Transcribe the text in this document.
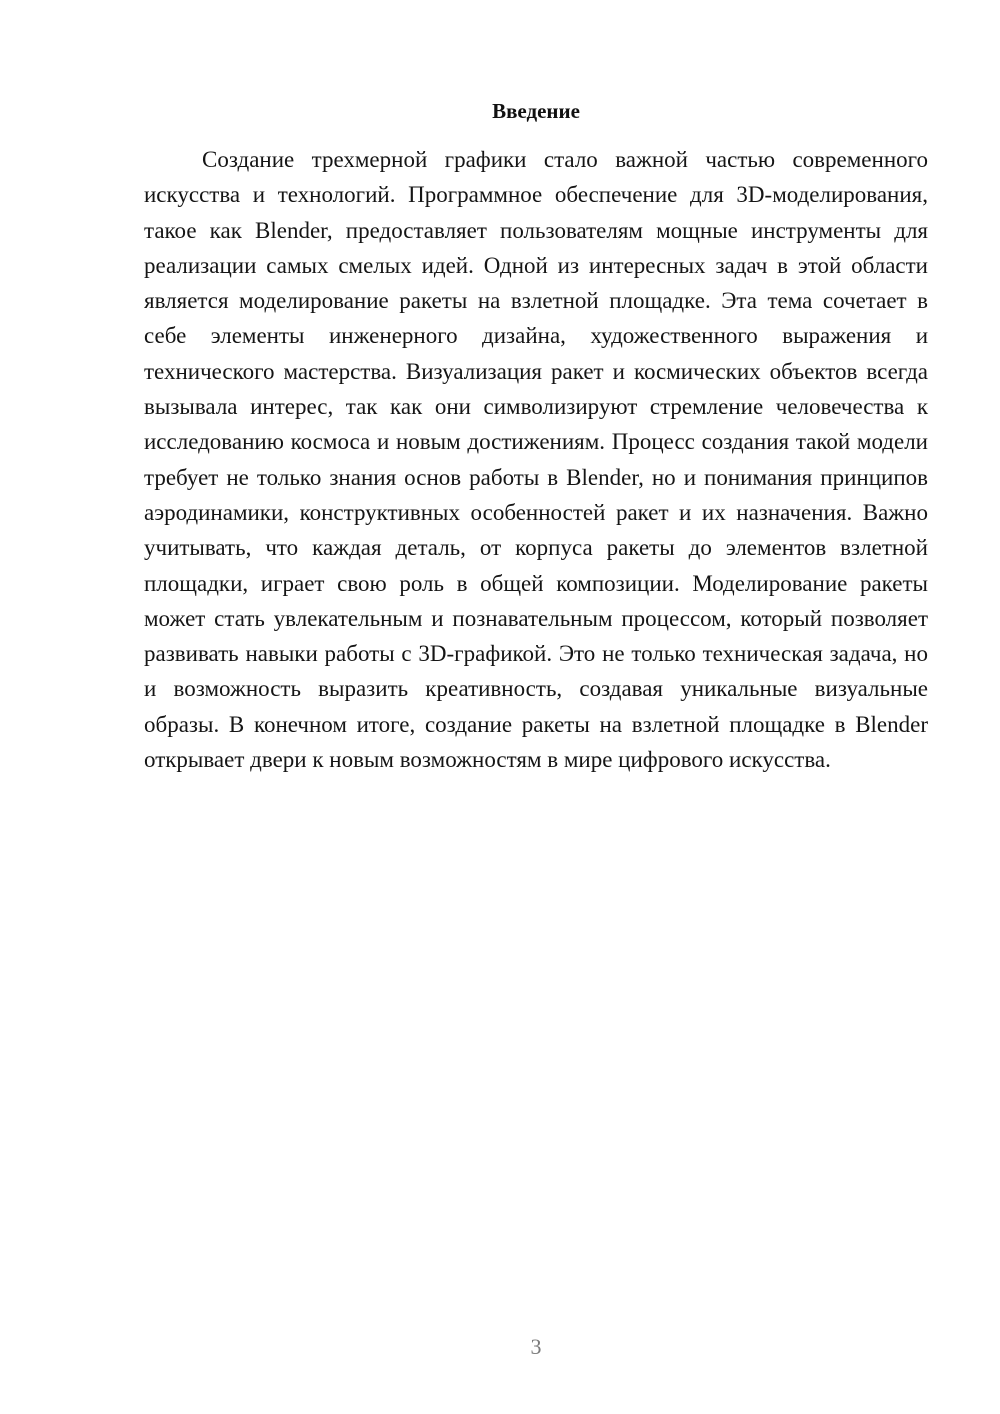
Введение

Создание трехмерной графики стало важной частью современного искусства и технологий. Программное обеспечение для 3D-моделирования, такое как Blender, предоставляет пользователям мощные инструменты для реализации самых смелых идей. Одной из интересных задач в этой области является моделирование ракеты на взлетной площадке. Эта тема сочетает в себе элементы инженерного дизайна, художественного выражения и технического мастерства. Визуализация ракет и космических объектов всегда вызывала интерес, так как они символизируют стремление человечества к исследованию космоса и новым достижениям. Процесс создания такой модели требует не только знания основ работы в Blender, но и понимания принципов аэродинамики, конструктивных особенностей ракет и их назначения. Важно учитывать, что каждая деталь, от корпуса ракеты до элементов взлетной площадки, играет свою роль в общей композиции. Моделирование ракеты может стать увлекательным и познавательным процессом, который позволяет развивать навыки работы с 3D-графикой. Это не только техническая задача, но и возможность выразить креативность, создавая уникальные визуальные образы. В конечном итоге, создание ракеты на взлетной площадке в Blender открывает двери к новым возможностям в мире цифрового искусства.

3
